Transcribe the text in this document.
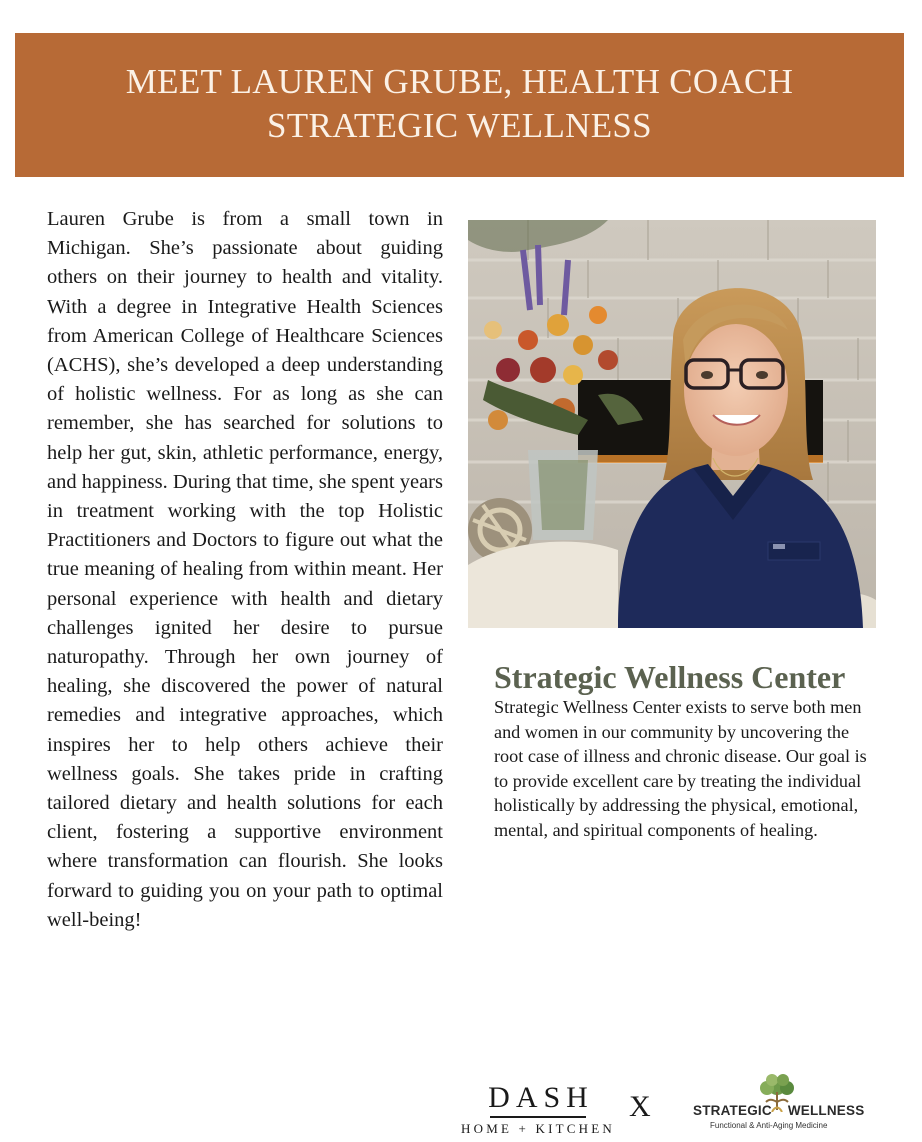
MEET LAUREN GRUBE, HEALTH COACH
STRATEGIC WELLNESS

Lauren Grube is from a small town in Michigan. She’s passionate about guiding others on their journey to health and vitality. With a degree in Integrative Health Sciences from American College of Healthcare Sciences (ACHS), she’s developed a deep understanding of holistic wellness. For as long as she can remember, she has searched for solutions to help her gut, skin, athletic performance, energy, and happiness. During that time, she spent years in treatment working with the top Holistic Practitioners and Doctors to figure out what the true meaning of healing from within meant. Her personal experience with health and dietary challenges ignited her desire to pursue naturopathy. Through her own journey of healing, she discovered the power of natural remedies and integrative approaches, which inspires her to help others achieve their wellness goals. She takes pride in crafting tailored dietary and health solutions for each client, fostering a supportive environment where transformation can flourish. She looks forward to guiding you on your path to optimal well-being!

Strategic Wellness Center

Strategic Wellness Center exists to serve both men and women in our community by uncovering the root case of illness and chronic disease. Our goal is to provide excellent care by treating the individual holistically by addressing the physical, emotional, mental, and spiritual components of healing.

DASH
HOME + KITCHEN
X	STRATEGIC WELLNESS
Functional & Anti-Aging Medicine
